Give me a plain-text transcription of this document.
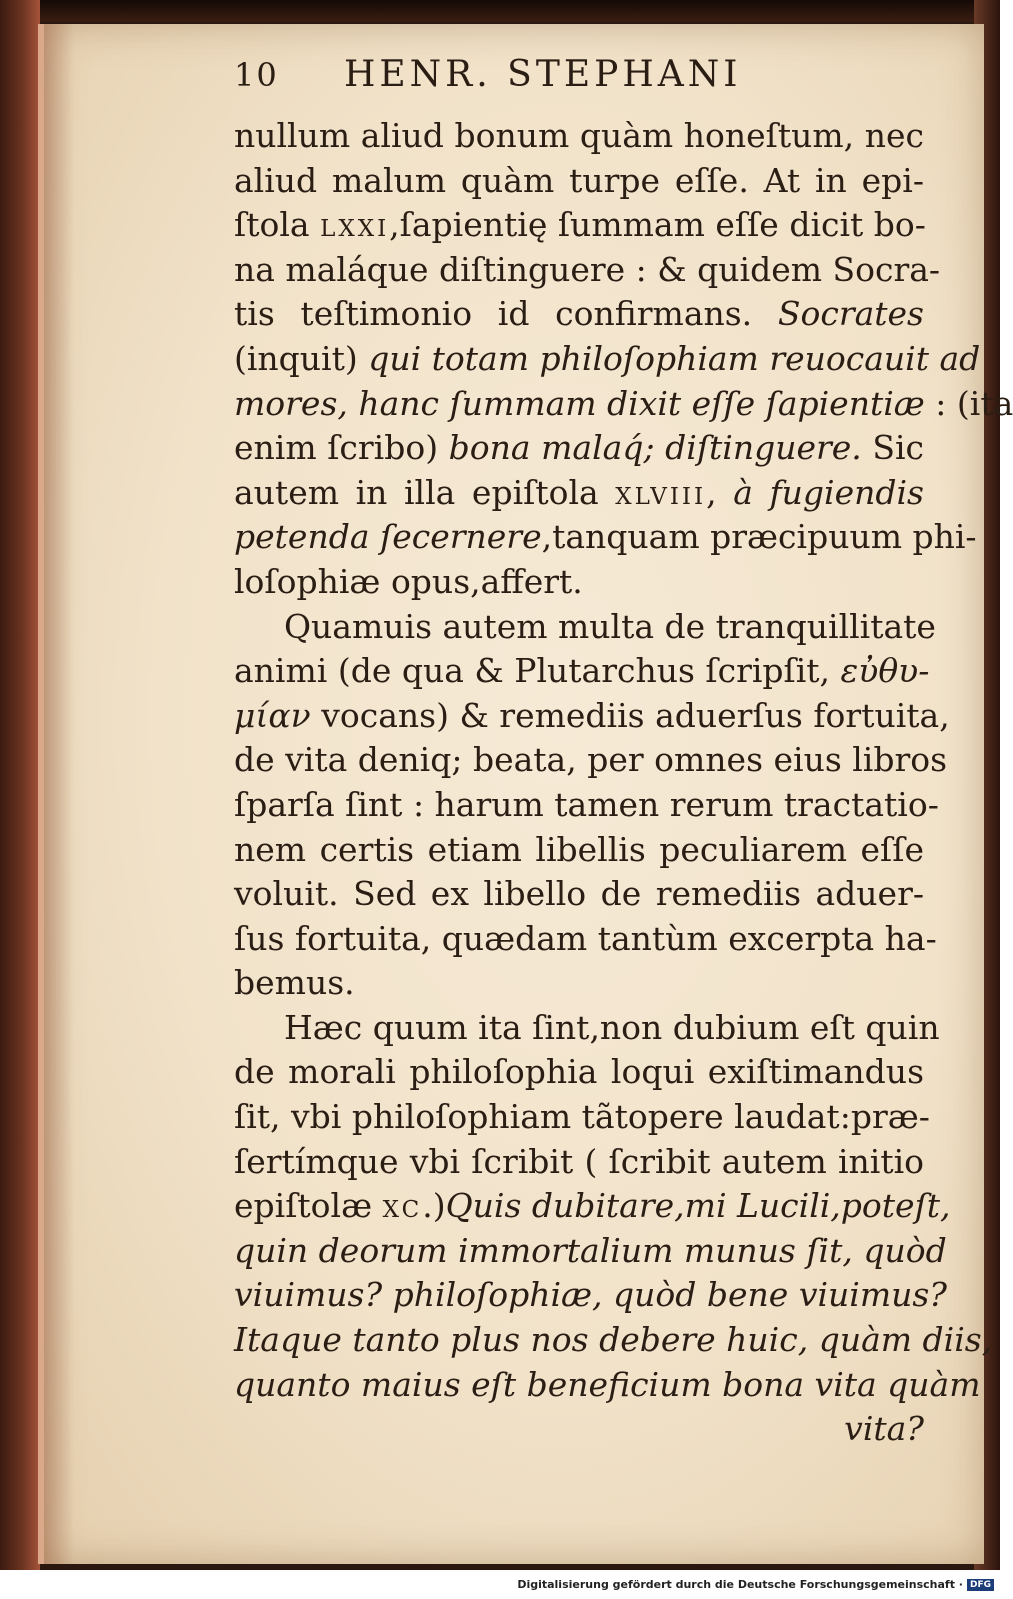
10	HENR. STEPHANI
nullum aliud bonum quàm honeſtum, nec
aliud malum quàm turpe eſſe. At in epi-
ſtola lxxi,ſapientię ſummam eſſe dicit bo-
na maláque diſtinguere : & quidem Socra-
tis teſtimonio id confirmans. Socrates
(inquit) qui totam philoſophiam reuocauit ad
mores, hanc ſummam dixit eſſe ſapientiæ : (ita
enim ſcribo) bona malaq́; diſtinguere. Sic
autem in illa epiſtola xlviii, à fugiendis
petenda ſecernere,tanquam præcipuum phi-
loſophiæ opus,affert.
Quamuis autem multa de tranquillitate
animi (de qua & Plutarchus ſcripſit, εὐθυ-
μίαν vocans) & remediis aduerſus fortuita,
de vita deniq; beata, per omnes eius libros
ſparſa ſint : harum tamen rerum tractatio-
nem certis etiam libellis peculiarem eſſe
voluit. Sed ex libello de remediis aduer-
ſus fortuita, quædam tantùm excerpta ha-
bemus.
Hæc quum ita ſint,non dubium eſt quin
de morali philoſophia loqui exiſtimandus
ſit, vbi philoſophiam tãtopere laudat:præ-
ſertímque vbi ſcribit ( ſcribit autem initio
epiſtolæ xc.)Quis dubitare,mi Lucili,poteſt,
quin deorum immortalium munus ſit, quòd
viuimus? philoſophiæ, quòd bene viuimus?
Itaque tanto plus nos debere huic, quàm diis,
quanto maius eſt beneficium bona vita quàm
vita?
Digitalisierung gefördert durch die Deutsche Forschungsgemeinschaft · DFG
